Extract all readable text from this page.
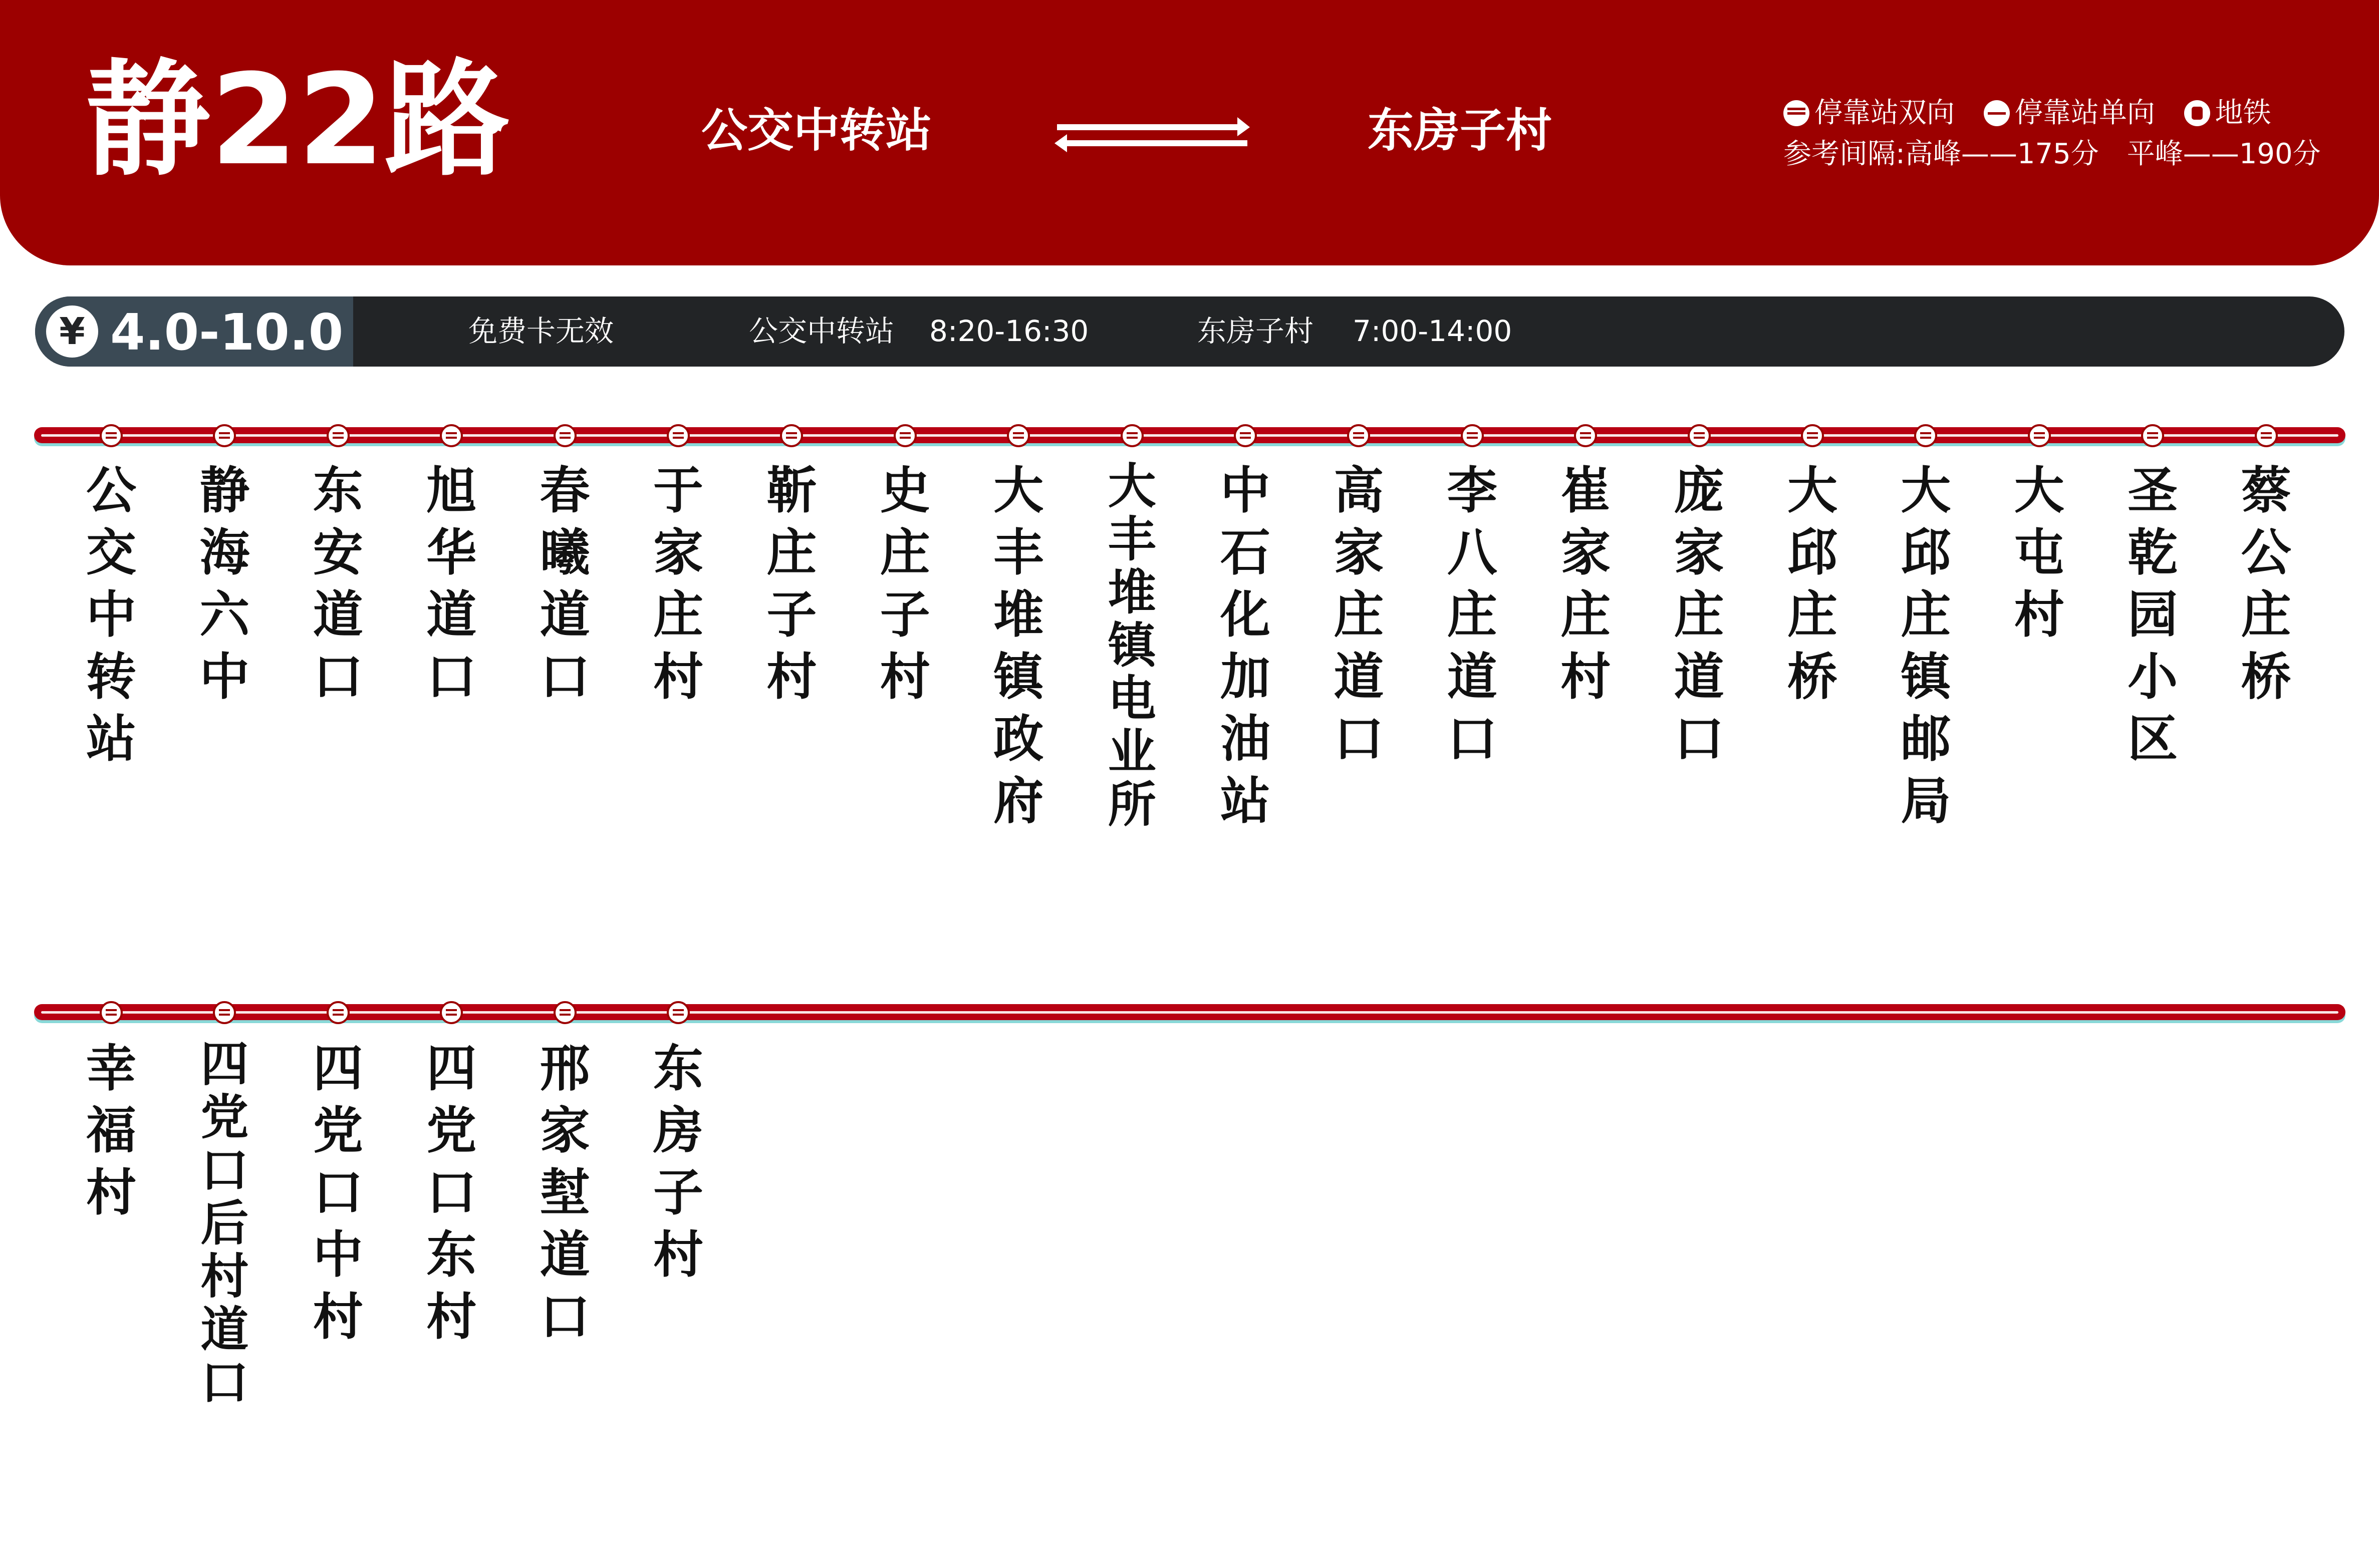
静22路	公交中转站	东房子村	停靠站双向 停靠站单向 地铁
参考间隔:高峰——175分　平峰——190分
¥ 4.0-10.0	免费卡无效	公交中转站 8:20-16:30	东房子村 7:00-14:00

公交中转站

静海六中

东安道口

旭华道口

春曦道口

于家庄村

靳庄子村

史庄子村

大丰堆镇政府

大丰堆镇电业所

中石化加油站

高家庄道口

李八庄道口

崔家庄村

庞家庄道口

大邱庄桥

大邱庄镇邮局

大屯村

圣乾园小区

蔡公庄桥

幸福村

四党口后村道口

四党口中村

四党口东村

邢家堼道口

东房子村
